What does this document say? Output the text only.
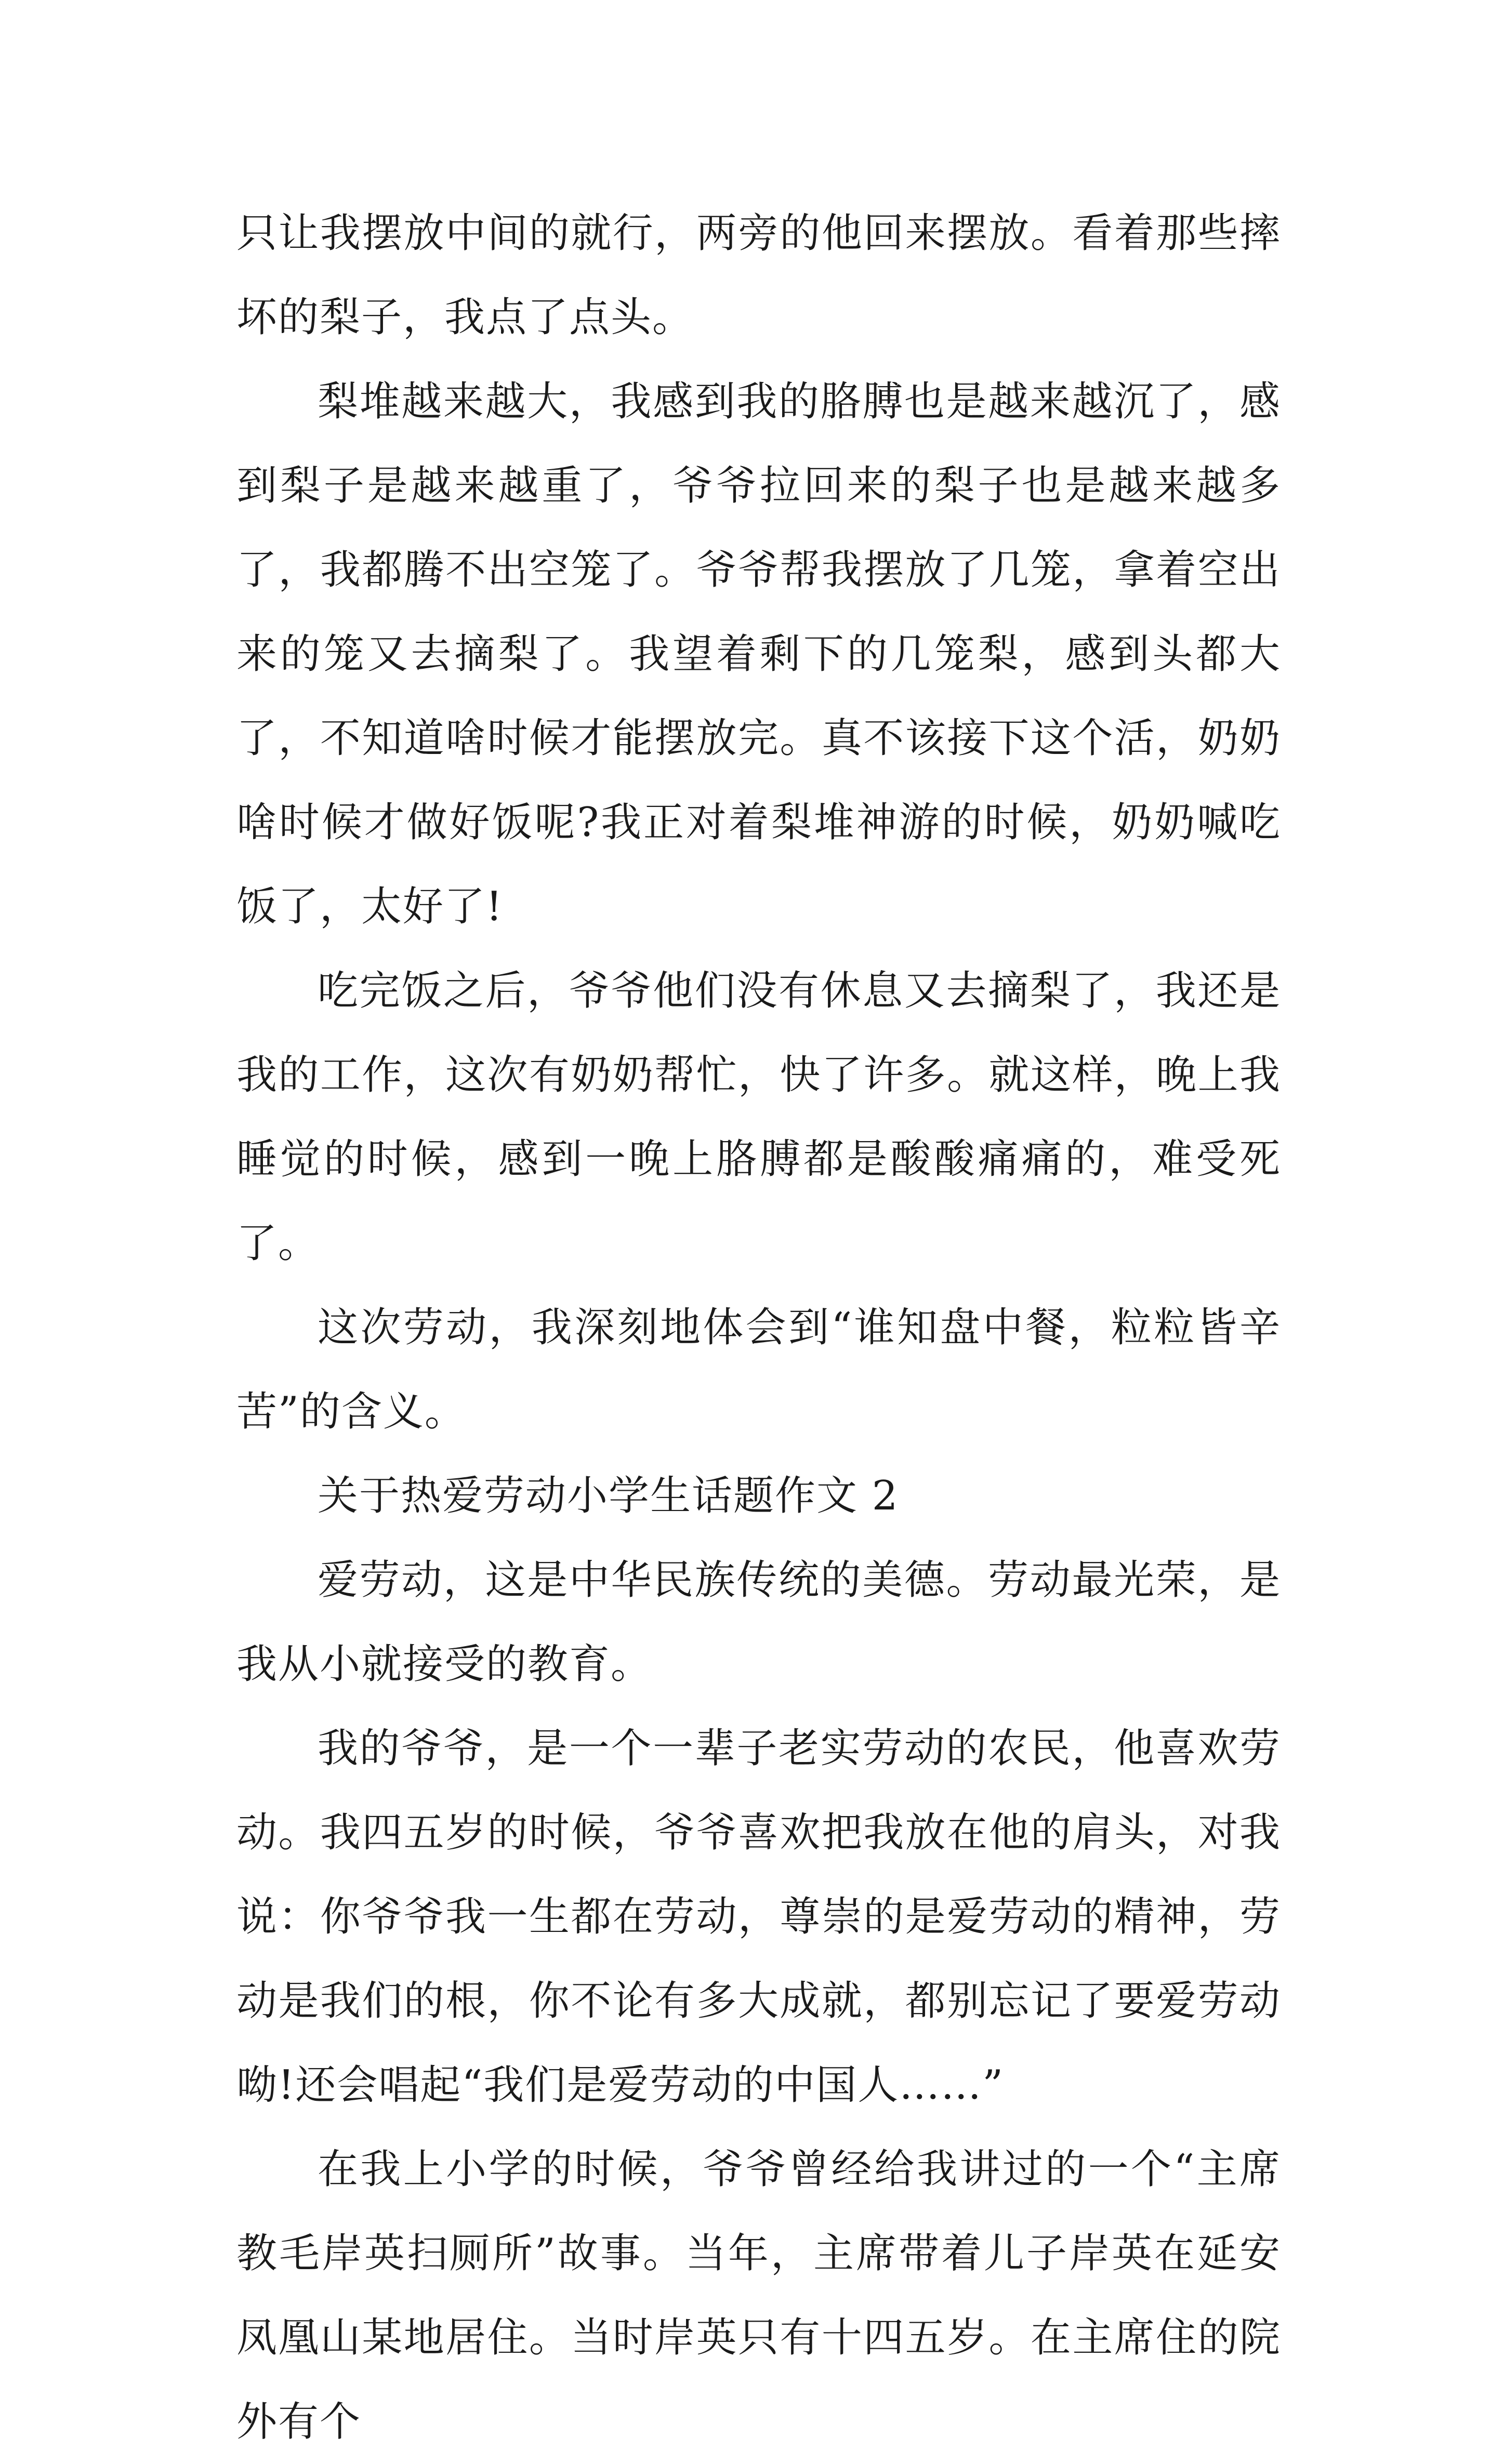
只让我摆放中间的就行，两旁的他回来摆放。看着那些摔坏的梨子，我点了点头。

梨堆越来越大，我感到我的胳膊也是越来越沉了，感到梨子是越来越重了，爷爷拉回来的梨子也是越来越多了，我都腾不出空笼了。爷爷帮我摆放了几笼，拿着空出来的笼又去摘梨了。我望着剩下的几笼梨，感到头都大了，不知道啥时候才能摆放完。真不该接下这个活，奶奶啥时候才做好饭呢?我正对着梨堆神游的时候，奶奶喊吃饭了，太好了!

吃完饭之后，爷爷他们没有休息又去摘梨了，我还是我的工作，这次有奶奶帮忙，快了许多。就这样，晚上我睡觉的时候，感到一晚上胳膊都是酸酸痛痛的，难受死了。

这次劳动，我深刻地体会到“谁知盘中餐，粒粒皆辛苦”的含义。

关于热爱劳动小学生话题作文 2

爱劳动，这是中华民族传统的美德。劳动最光荣，是我从小就接受的教育。

我的爷爷，是一个一辈子老实劳动的农民，他喜欢劳动。我四五岁的时候，爷爷喜欢把我放在他的肩头，对我说：你爷爷我一生都在劳动，尊崇的是爱劳动的精神，劳动是我们的根，你不论有多大成就，都别忘记了要爱劳动呦!还会唱起“我们是爱劳动的中国人……”

在我上小学的时候，爷爷曾经给我讲过的一个“主席教毛岸英扫厕所”故事。当年，主席带着儿子岸英在延安凤凰山某地居住。当时岸英只有十四五岁。在主席住的院外有个
